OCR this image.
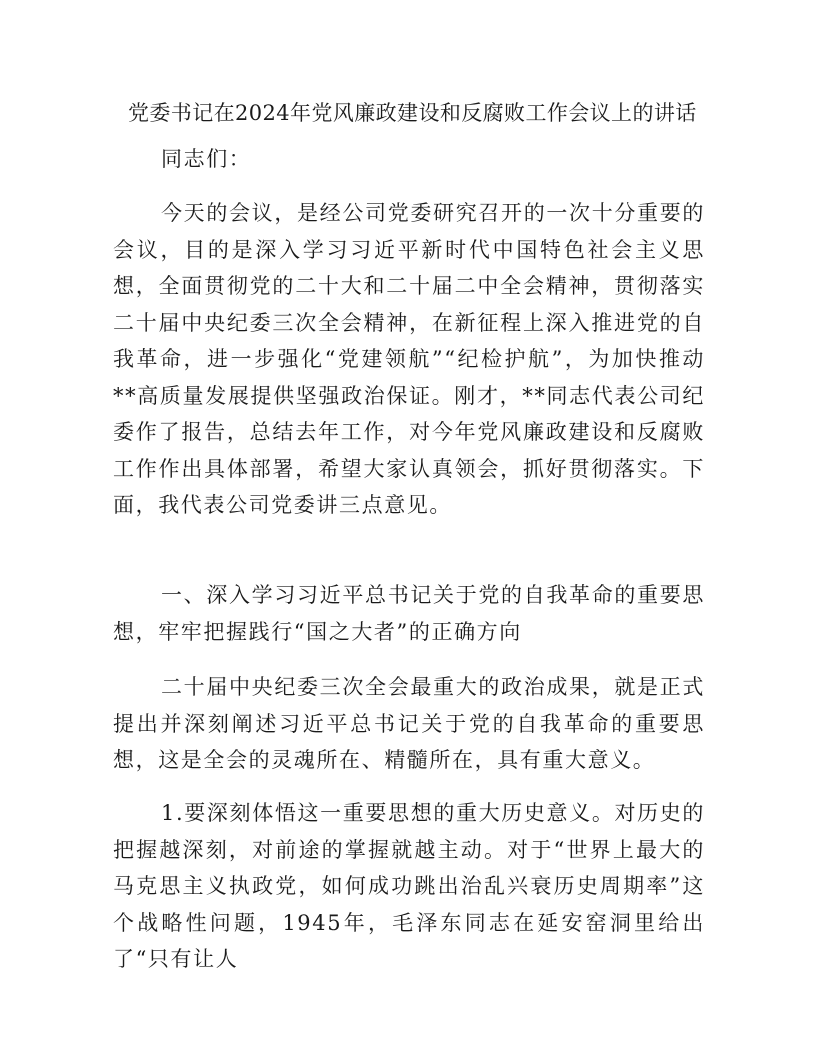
党委书记在2024年党风廉政建设和反腐败工作会议上的讲话

同志们：

今天的会议，是经公司党委研究召开的一次十分重要的会议，目的是深入学习习近平新时代中国特色社会主义思想，全面贯彻党的二十大和二十届二中全会精神，贯彻落实二十届中央纪委三次全会精神，在新征程上深入推进党的自我革命，进一步强化“党建领航”“纪检护航”，为加快推动**高质量发展提供坚强政治保证。刚才，**同志代表公司纪委作了报告，总结去年工作，对今年党风廉政建设和反腐败工作作出具体部署，希望大家认真领会，抓好贯彻落实。下面，我代表公司党委讲三点意见。

一、深入学习习近平总书记关于党的自我革命的重要思想，牢牢把握践行“国之大者”的正确方向

二十届中央纪委三次全会最重大的政治成果，就是正式提出并深刻阐述习近平总书记关于党的自我革命的重要思想，这是全会的灵魂所在、精髓所在，具有重大意义。

1.要深刻体悟这一重要思想的重大历史意义。对历史的把握越深刻，对前途的掌握就越主动。对于“世界上最大的马克思主义执政党，如何成功跳出治乱兴衰历史周期率”这个战略性问题，1945年，毛泽东同志在延安窑洞里给出了“只有让人
